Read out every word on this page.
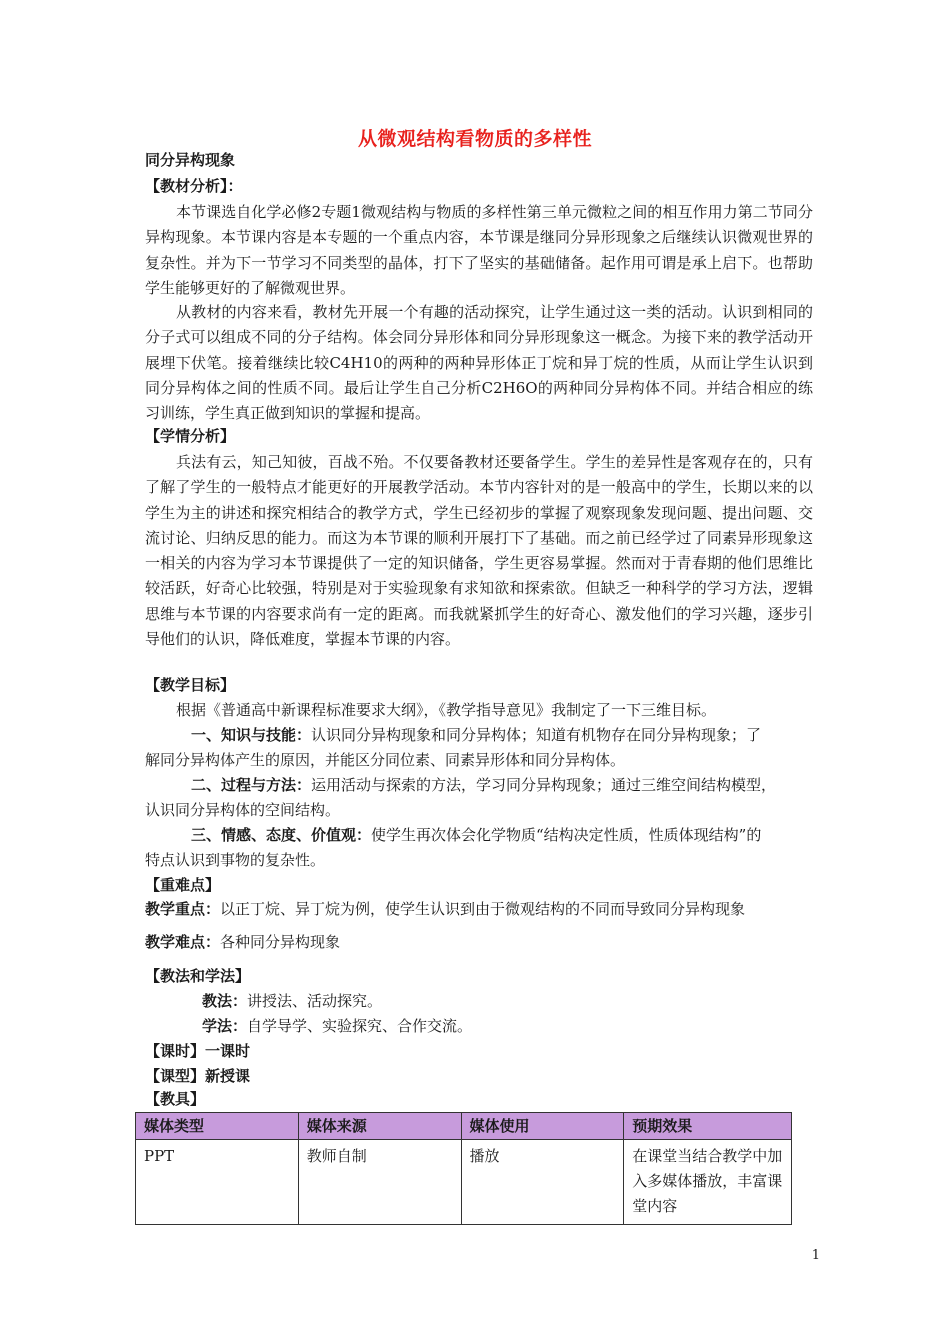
从微观结构看物质的多样性
同分异构现象
【教材分析】：
本节课选自化学必修2专题1微观结构与物质的多样性第三单元微粒之间的相互作用力第二节同分异构现象。本节课内容是本专题的一个重点内容，本节课是继同分异形现象之后继续认识微观世界的复杂性。并为下一节学习不同类型的晶体，打下了坚实的基础储备。起作用可谓是承上启下。也帮助学生能够更好的了解微观世界。
从教材的内容来看，教材先开展一个有趣的活动探究，让学生通过这一类的活动。认识到相同的分子式可以组成不同的分子结构。体会同分异形体和同分异形现象这一概念。为接下来的教学活动开展埋下伏笔。接着继续比较C4H10的两种的两种异形体正丁烷和异丁烷的性质，从而让学生认识到同分异构体之间的性质不同。最后让学生自己分析C2H6O的两种同分异构体不同。并结合相应的练习训练，学生真正做到知识的掌握和提高。
【学情分析】
兵法有云，知己知彼，百战不殆。不仅要备教材还要备学生。学生的差异性是客观存在的，只有了解了学生的一般特点才能更好的开展教学活动。本节内容针对的是一般高中的学生，长期以来的以学生为主的讲述和探究相结合的教学方式，学生已经初步的掌握了观察现象发现问题、提出问题、交流讨论、归纳反思的能力。而这为本节课的顺利开展打下了基础。而之前已经学过了同素异形现象这一相关的内容为学习本节课提供了一定的知识储备，学生更容易掌握。然而对于青春期的他们思维比较活跃，好奇心比较强，特别是对于实验现象有求知欲和探索欲。但缺乏一种科学的学习方法，逻辑思维与本节课的内容要求尚有一定的距离。而我就紧抓学生的好奇心、激发他们的学习兴趣，逐步引导他们的认识，降低难度，掌握本节课的内容。
【教学目标】
根据《普通高中新课程标准要求大纲》，《教学指导意见》我制定了一下三维目标。
一、知识与技能：认识同分异构现象和同分异构体；知道有机物存在同分异构现象；了
解同分异构体产生的原因，并能区分同位素、同素异形体和同分异构体。
二、过程与方法：运用活动与探索的方法，学习同分异构现象；通过三维空间结构模型，
认识同分异构体的空间结构。
三、情感、态度、价值观：使学生再次体会化学物质“结构决定性质，性质体现结构”的
特点认识到事物的复杂性。
【重难点】
教学重点：以正丁烷、异丁烷为例，使学生认识到由于微观结构的不同而导致同分异构现象
教学难点：各种同分异构现象
【教法和学法】
教法：讲授法、活动探究。
学法：自学导学、实验探究、合作交流。
【课时】一课时
【课型】新授课
【教具】
媒体类型	媒体来源	媒体使用	预期效果
PPT	教师自制	播放	在课堂当结合教学中加入多媒体播放，丰富课堂内容
1
